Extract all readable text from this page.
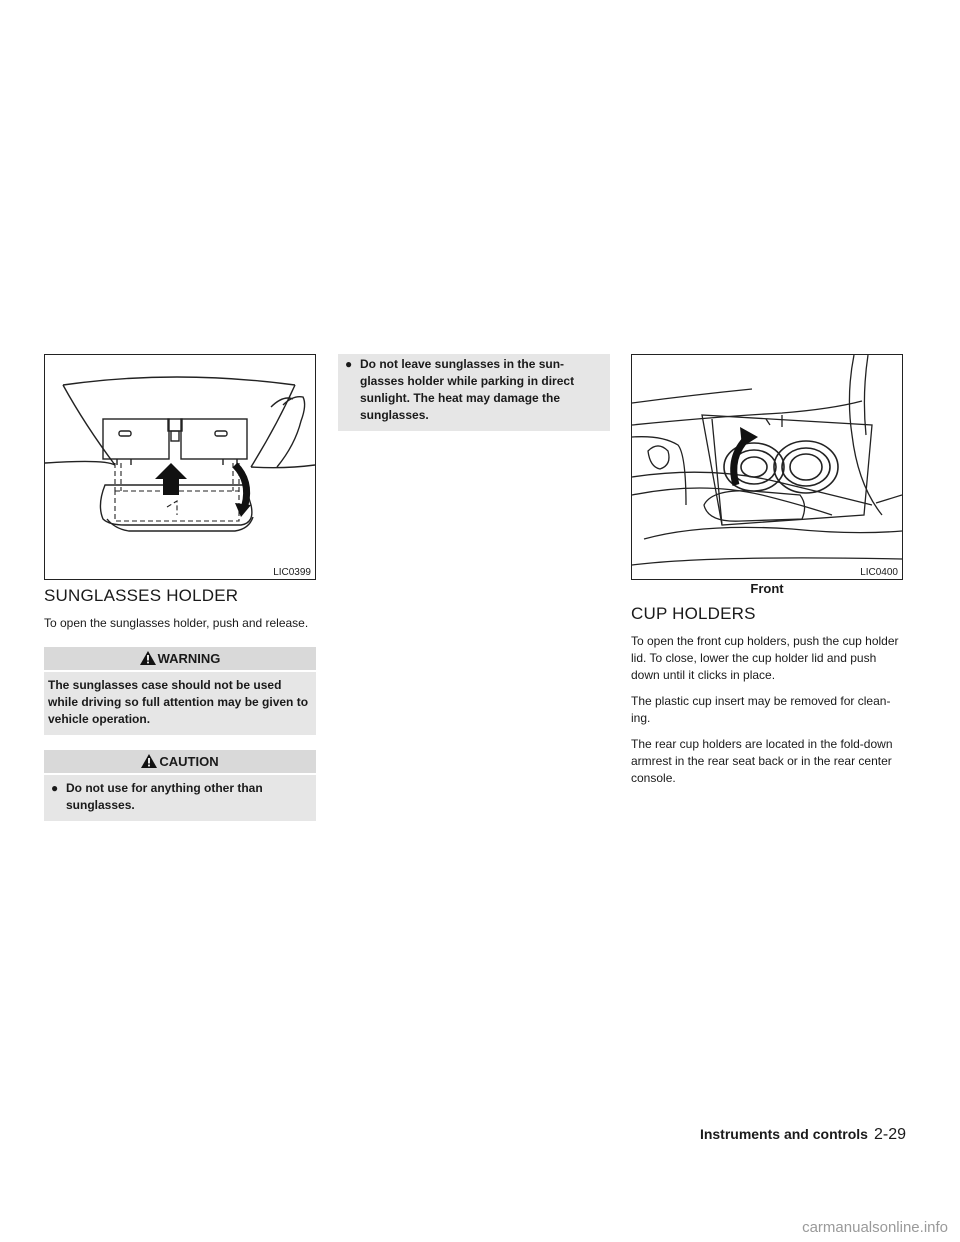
LIC0399
SUNGLASSES HOLDER

To open the sunglasses holder, push and release.

WARNING
The sunglasses case should not be used while driving so full attention may be given to vehicle operation.
CAUTION
● Do not use for anything other than sunglasses.
● Do not leave sunglasses in the sun-glasses holder while parking in direct sunlight. The heat may damage the sunglasses.
LIC0400
Front
CUP HOLDERS

To open the front cup holders, push the cup holder lid. To close, lower the cup holder lid and push down until it clicks in place.

The plastic cup insert may be removed for clean-ing.

The rear cup holders are located in the fold-down armrest in the rear seat back or in the rear center console.

Instruments and controls 2-29
carmanualsonline.info
